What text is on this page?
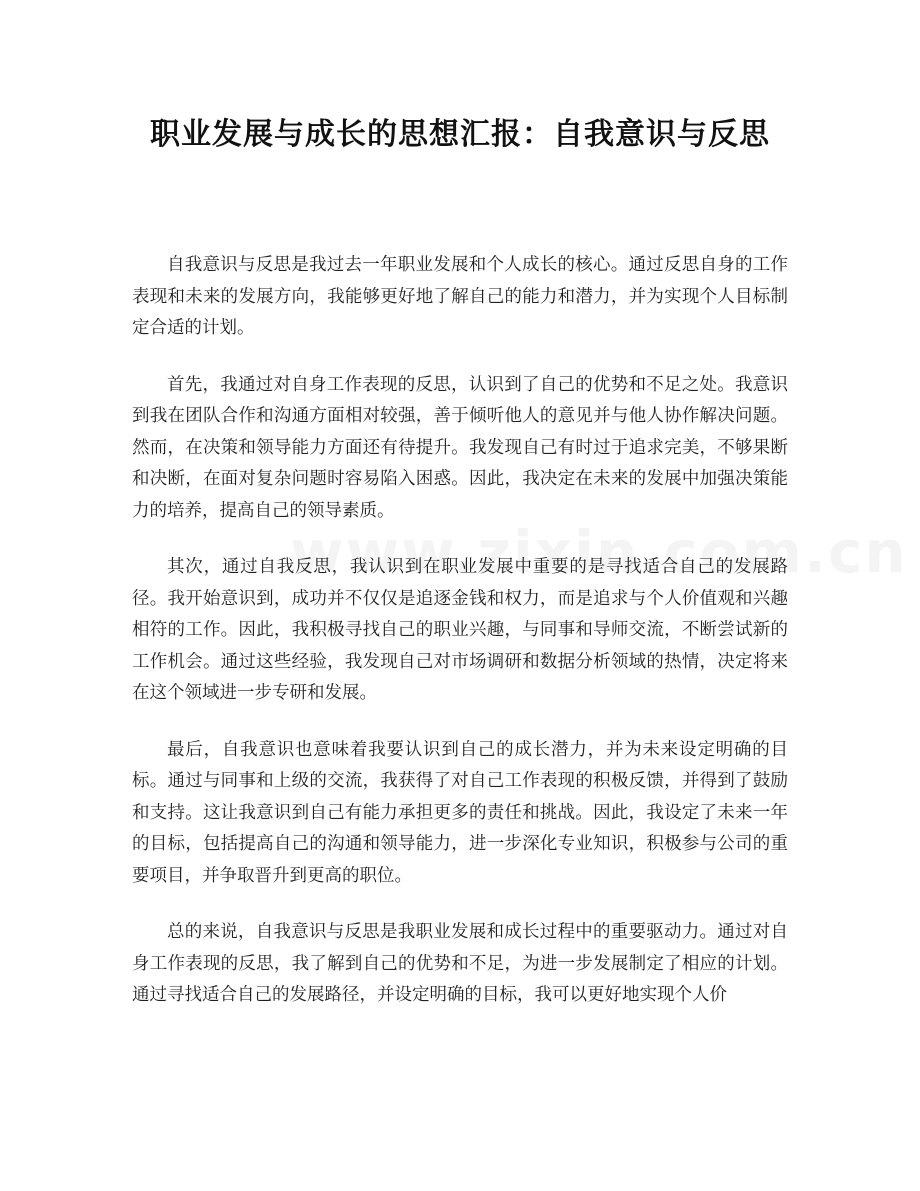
职业发展与成长的思想汇报：自我意识与反思

自我意识与反思是我过去一年职业发展和个人成长的核心。通过反思自身的工作表现和未来的发展方向，我能够更好地了解自己的能力和潜力，并为实现个人目标制定合适的计划。

首先，我通过对自身工作表现的反思，认识到了自己的优势和不足之处。我意识到我在团队合作和沟通方面相对较强，善于倾听他人的意见并与他人协作解决问题。然而，在决策和领导能力方面还有待提升。我发现自己有时过于追求完美，不够果断和决断，在面对复杂问题时容易陷入困惑。因此，我决定在未来的发展中加强决策能力的培养，提高自己的领导素质。

其次，通过自我反思，我认识到在职业发展中重要的是寻找适合自己的发展路径。我开始意识到，成功并不仅仅是追逐金钱和权力，而是追求与个人价值观和兴趣相符的工作。因此，我积极寻找自己的职业兴趣，与同事和导师交流，不断尝试新的工作机会。通过这些经验，我发现自己对市场调研和数据分析领域的热情，决定将来在这个领域进一步专研和发展。

最后，自我意识也意味着我要认识到自己的成长潜力，并为未来设定明确的目标。通过与同事和上级的交流，我获得了对自己工作表现的积极反馈，并得到了鼓励和支持。这让我意识到自己有能力承担更多的责任和挑战。因此，我设定了未来一年的目标，包括提高自己的沟通和领导能力，进一步深化专业知识，积极参与公司的重要项目，并争取晋升到更高的职位。

总的来说，自我意识与反思是我职业发展和成长过程中的重要驱动力。通过对自身工作表现的反思，我了解到自己的优势和不足，为进一步发展制定了相应的计划。通过寻找适合自己的发展路径，并设定明确的目标，我可以更好地实现个人价
